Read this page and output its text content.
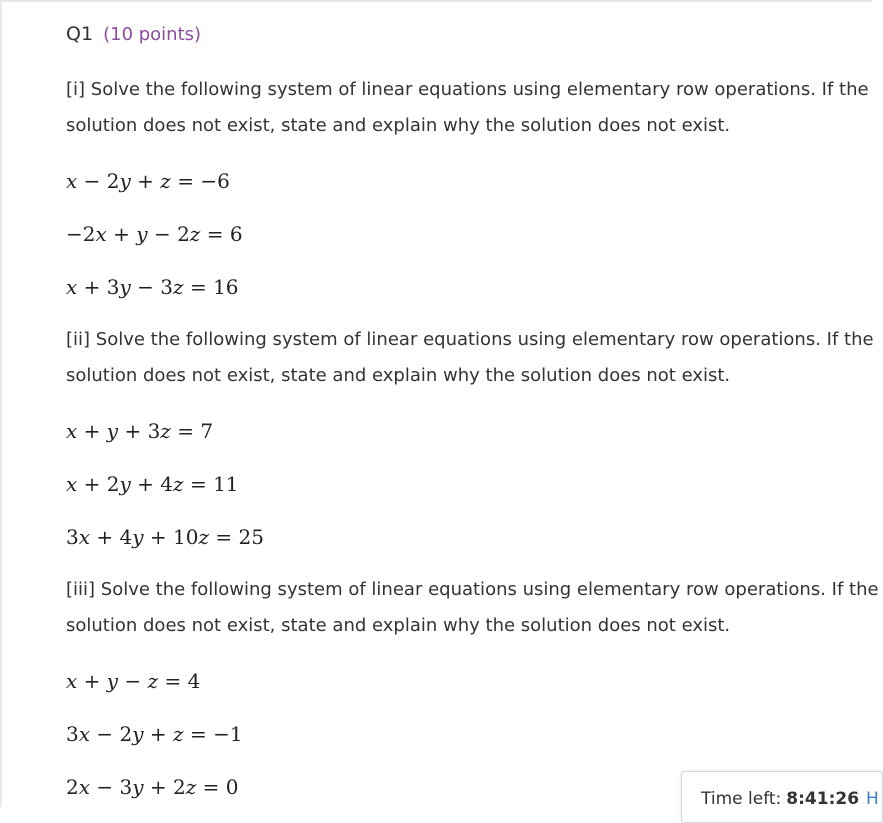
Q1 (10 points)
[i] Solve the following system of linear equations using elementary row operations. If the
solution does not exist, state and explain why the solution does not exist.
x − 2y + z = −6
−2x + y − 2z = 6
x + 3y − 3z = 16
[ii] Solve the following system of linear equations using elementary row operations. If the
solution does not exist, state and explain why the solution does not exist.
x + y + 3z = 7
x + 2y + 4z = 11
3x + 4y + 10z = 25
[iii] Solve the following system of linear equations using elementary row operations. If the
solution does not exist, state and explain why the solution does not exist.
x + y − z = 4
3x − 2y + z = −1
2x − 3y + 2z = 0	Time left: 8:41:26 H
